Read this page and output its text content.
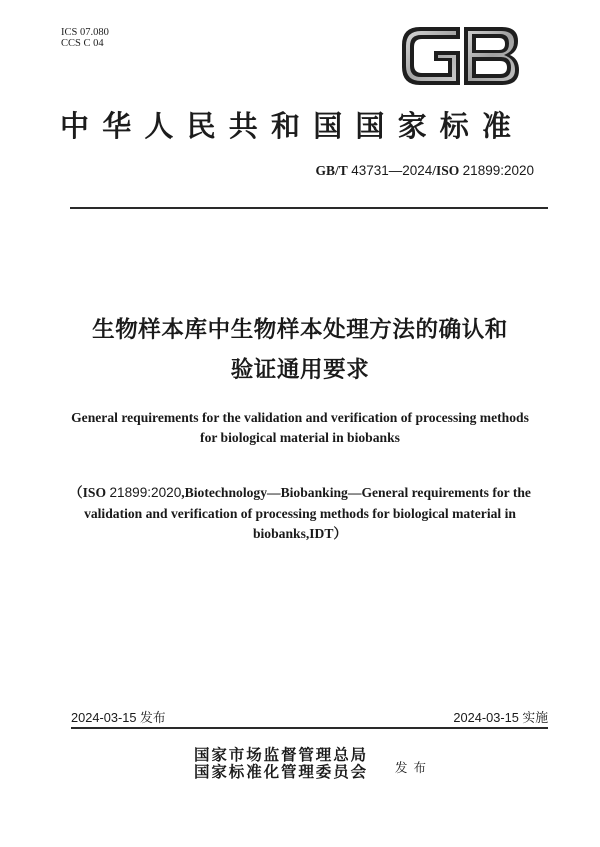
ICS 07.080
CCS C 04
中华人民共和国国家标准
GB/T 43731—2024/ISO 21899:2020
生物样本库中生物样本处理方法的确认和
验证通用要求
General requirements for the validation and verification of processing methods
for biological material in biobanks
（ISO 21899:2020,Biotechnology—Biobanking—General requirements for the
validation and verification of processing methods for biological material in
biobanks,IDT）
2024-03-15 发布	2024-03-15 实施
国家市场监督管理总局
国家标准化管理委员会 发布
